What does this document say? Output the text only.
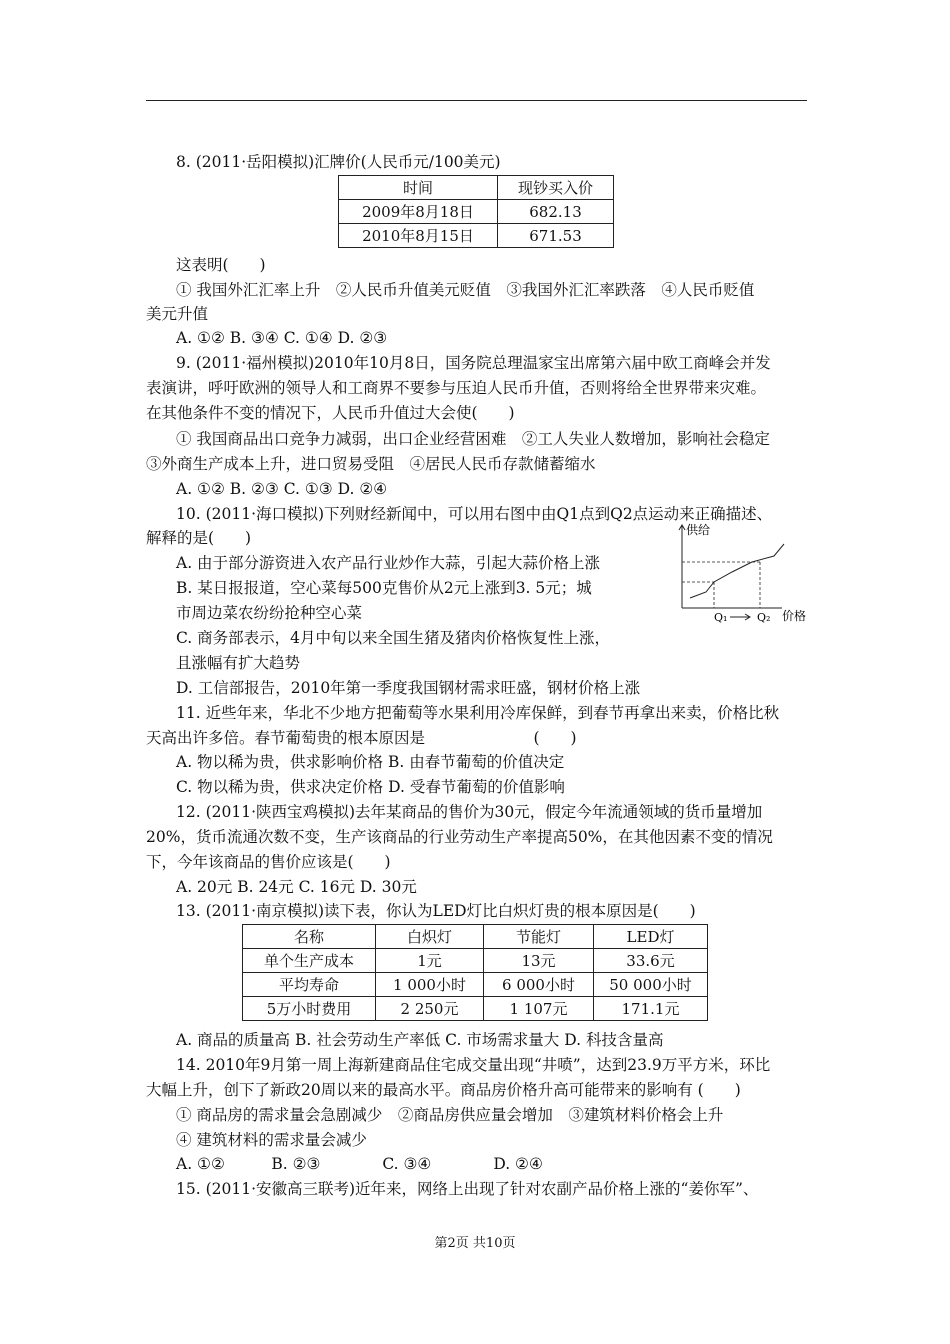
8. (2011·岳阳模拟)汇牌价(人民币元/100美元)
时间	现钞买入价
2009年8月18日	682.13
2010年8月15日	671.53
这表明(　　)
① 我国外汇汇率上升　②人民币升值美元贬值　③我国外汇汇率跌落　④人民币贬值
美元升值
A. ①② B. ③④ C. ①④ D. ②③
9. (2011·福州模拟)2010年10月8日，国务院总理温家宝出席第六届中欧工商峰会并发
表演讲，呼吁欧洲的领导人和工商界不要参与压迫人民币升值，否则将给全世界带来灾难。
在其他条件不变的情况下，人民币升值过大会使(　　)
① 我国商品出口竞争力减弱，出口企业经营困难　②工人失业人数增加，影响社会稳定
③外商生产成本上升，进口贸易受阻　④居民人民币存款储蓄缩水
A. ①② B. ②③ C. ①③ D. ②④
10. (2011·海口模拟)下列财经新闻中，可以用右图中由Q1点到Q2点运动来正确描述、
解释的是(　　)
A. 由于部分游资进入农产品行业炒作大蒜，引起大蒜价格上涨
B. 某日报报道，空心菜每500克售价从2元上涨到3. 5元；城
市周边菜农纷纷抢种空心菜
C. 商务部表示，4月中旬以来全国生猪及猪肉价格恢复性上涨，
且涨幅有扩大趋势
D. 工信部报告，2010年第一季度我国钢材需求旺盛，钢材价格上涨
供给
价格
Q₁	Q₂
11. 近些年来，华北不少地方把葡萄等水果利用冷库保鲜，到春节再拿出来卖，价格比秋
天高出许多倍。春节葡萄贵的根本原因是　　　　　　　(　　)
A. 物以稀为贵，供求影响价格 B. 由春节葡萄的价值决定
C. 物以稀为贵，供求决定价格 D. 受春节葡萄的价值影响
12. (2011·陕西宝鸡模拟)去年某商品的售价为30元，假定今年流通领域的货币量增加
20%，货币流通次数不变，生产该商品的行业劳动生产率提高50%，在其他因素不变的情况
下，今年该商品的售价应该是(　　)
A. 20元 B. 24元 C. 16元 D. 30元
13. (2011·南京模拟)读下表，你认为LED灯比白炽灯贵的根本原因是(　　)
名称	白炽灯	节能灯	LED灯
单个生产成本	1元	13元	33.6元
平均寿命	1 000小时	6 000小时	50 000小时
5万小时费用	2 250元	1 107元	171.1元
A. 商品的质量高 B. 社会劳动生产率低 C. 市场需求量大 D. 科技含量高
14. 2010年9月第一周上海新建商品住宅成交量出现“井喷”，达到23.9万平方米，环比
大幅上升，创下了新政20周以来的最高水平。商品房价格升高可能带来的影响有 (　　)
① 商品房的需求量会急剧减少　②商品房供应量会增加　③建筑材料价格会上升
④ 建筑材料的需求量会减少
A. ①②　　　B. ②③　　　　C. ③④　　　　D. ②④
15. (2011·安徽高三联考)近年来，网络上出现了针对农副产品价格上涨的“姜你军”、
第2页 共10页
